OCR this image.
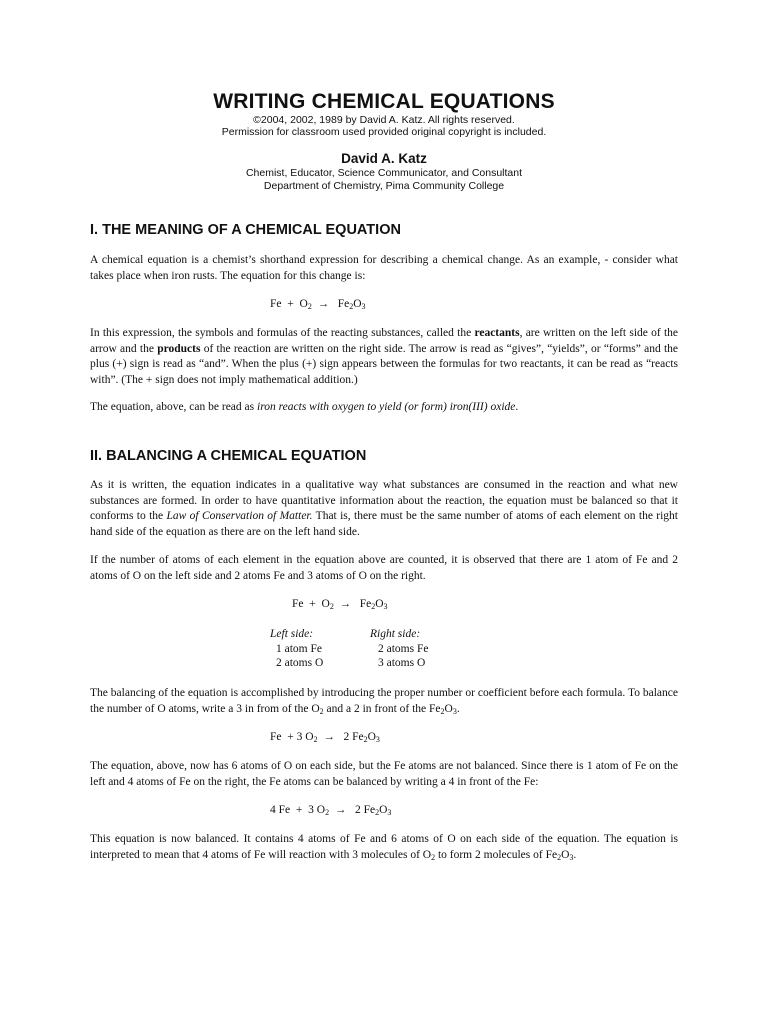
WRITING CHEMICAL EQUATIONS
©2004, 2002, 1989 by David A. Katz. All rights reserved.
Permission for classroom used provided original copyright is included.
David A. Katz
Chemist, Educator, Science Communicator, and Consultant
Department of Chemistry, Pima Community College
I. THE MEANING OF A CHEMICAL EQUATION
A chemical equation is a chemist’s shorthand expression for describing a chemical change. As an example, - consider what takes place when iron rusts. The equation for this change is:
$Fe + O_2 \to Fe_2O_3$
In this expression, the symbols and formulas of the reacting substances, called the reactants, are written on the left side of the arrow and the products of the reaction are written on the right side. The arrow is read as “gives”, “yields”, or “forms” and the plus (+) sign is read as “and”. When the plus (+) sign appears between the formulas for two reactants, it can be read as “reacts with”. (The + sign does not imply mathematical addition.)
The equation, above, can be read as iron reacts with oxygen to yield (or form) iron(III) oxide.
II. BALANCING A CHEMICAL EQUATION
As it is written, the equation indicates in a qualitative way what substances are consumed in the reaction and what new substances are formed. In order to have quantitative information about the reaction, the equation must be balanced so that it conforms to the Law of Conservation of Matter. That is, there must be the same number of atoms of each element on the right hand side of the equation as there are on the left hand side.
If the number of atoms of each element in the equation above are counted, it is observed that there are 1 atom of Fe and 2 atoms of O on the left side and 2 atoms Fe and 3 atoms of O on the right.
$Fe + O_2 \to Fe_2O_3$
Left side:
1 atom Fe
2 atoms O
Right side:
2 atoms Fe
3 atoms O
The balancing of the equation is accomplished by introducing the proper number or coefficient before each formula. To balance the number of O atoms, write a 3 in from of the $O_2$ and a 2 in front of the $Fe_2O_3$.
Fe + 3 $O_2 \to 2$ $Fe_2O_3$
The equation, above, now has 6 atoms of O on each side, but the Fe atoms are not balanced. Since there is 1 atom of Fe on the left and 4 atoms of Fe on the right, the Fe atoms can be balanced by writing a 4 in front of the Fe:
4 Fe + 3 $O_2 \to 2$ $Fe_2O_3$
This equation is now balanced. It contains 4 atoms of Fe and 6 atoms of O on each side of the equation. The equation is interpreted to mean that 4 atoms of Fe will reaction with 3 molecules of $O_2$ to form 2 molecules of $Fe_2O_3$.
